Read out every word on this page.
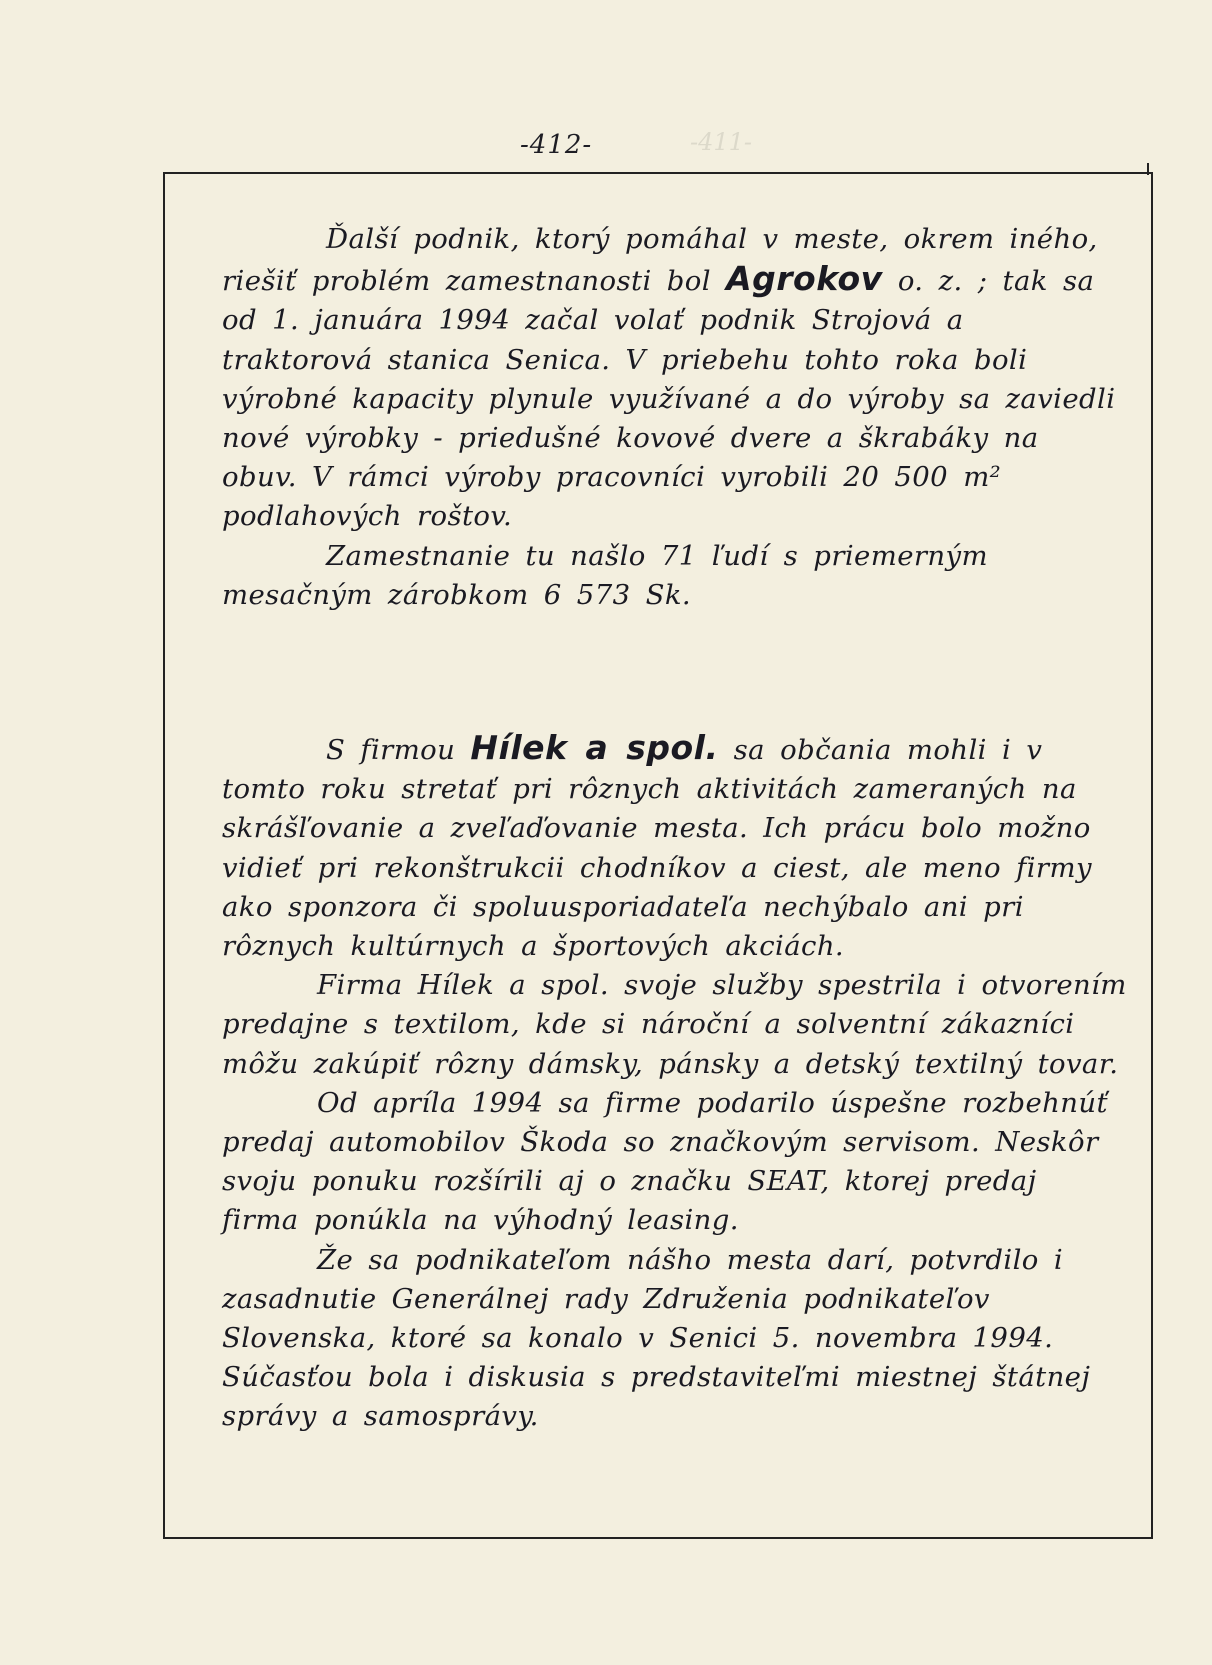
-412-	-411-

Ďalší podnik, ktorý pomáhal v meste, okrem iného, riešiť problém zamestnanosti bol Agrokov o. z. ; tak sa od 1. januára 1994 začal volať podnik Strojová a traktorová stanica Senica. V priebehu tohto roka boli výrobné kapacity plynule využívané a do výroby sa zaviedli nové výrobky - priedušné kovové dvere a škrabáky na obuv. V rámci výroby pracovníci vyrobili 20 500 m² podlahových roštov.

Zamestnanie tu našlo 71 ľudí s priemerným mesačným zárobkom 6 573 Sk.

S firmou Hílek a spol. sa občania mohli i v tomto roku stretať pri rôznych aktivitách zameraných na skrášľovanie a zveľaďovanie mesta. Ich prácu bolo možno vidieť pri rekonštrukcii chodníkov a ciest, ale meno firmy ako sponzora či spoluusporiadateľa nechýbalo ani pri rôznych kultúrnych a športových akciách.

Firma Hílek a spol. svoje služby spestrila i otvorením predajne s textilom, kde si nároční a solventní zákazníci môžu zakúpiť rôzny dámsky, pánsky a detský textilný tovar.

Od apríla 1994 sa firme podarilo úspešne rozbehnúť predaj automobilov Škoda so značkovým servisom. Neskôr svoju ponuku rozšírili aj o značku SEAT, ktorej predaj firma ponúkla na výhodný leasing.

Že sa podnikateľom nášho mesta darí, potvrdilo i zasadnutie Generálnej rady Združenia podnikateľov Slovenska, ktoré sa konalo v Senici 5. novembra 1994. Súčasťou bola i diskusia s predstaviteľmi miestnej štátnej správy a samosprávy.
